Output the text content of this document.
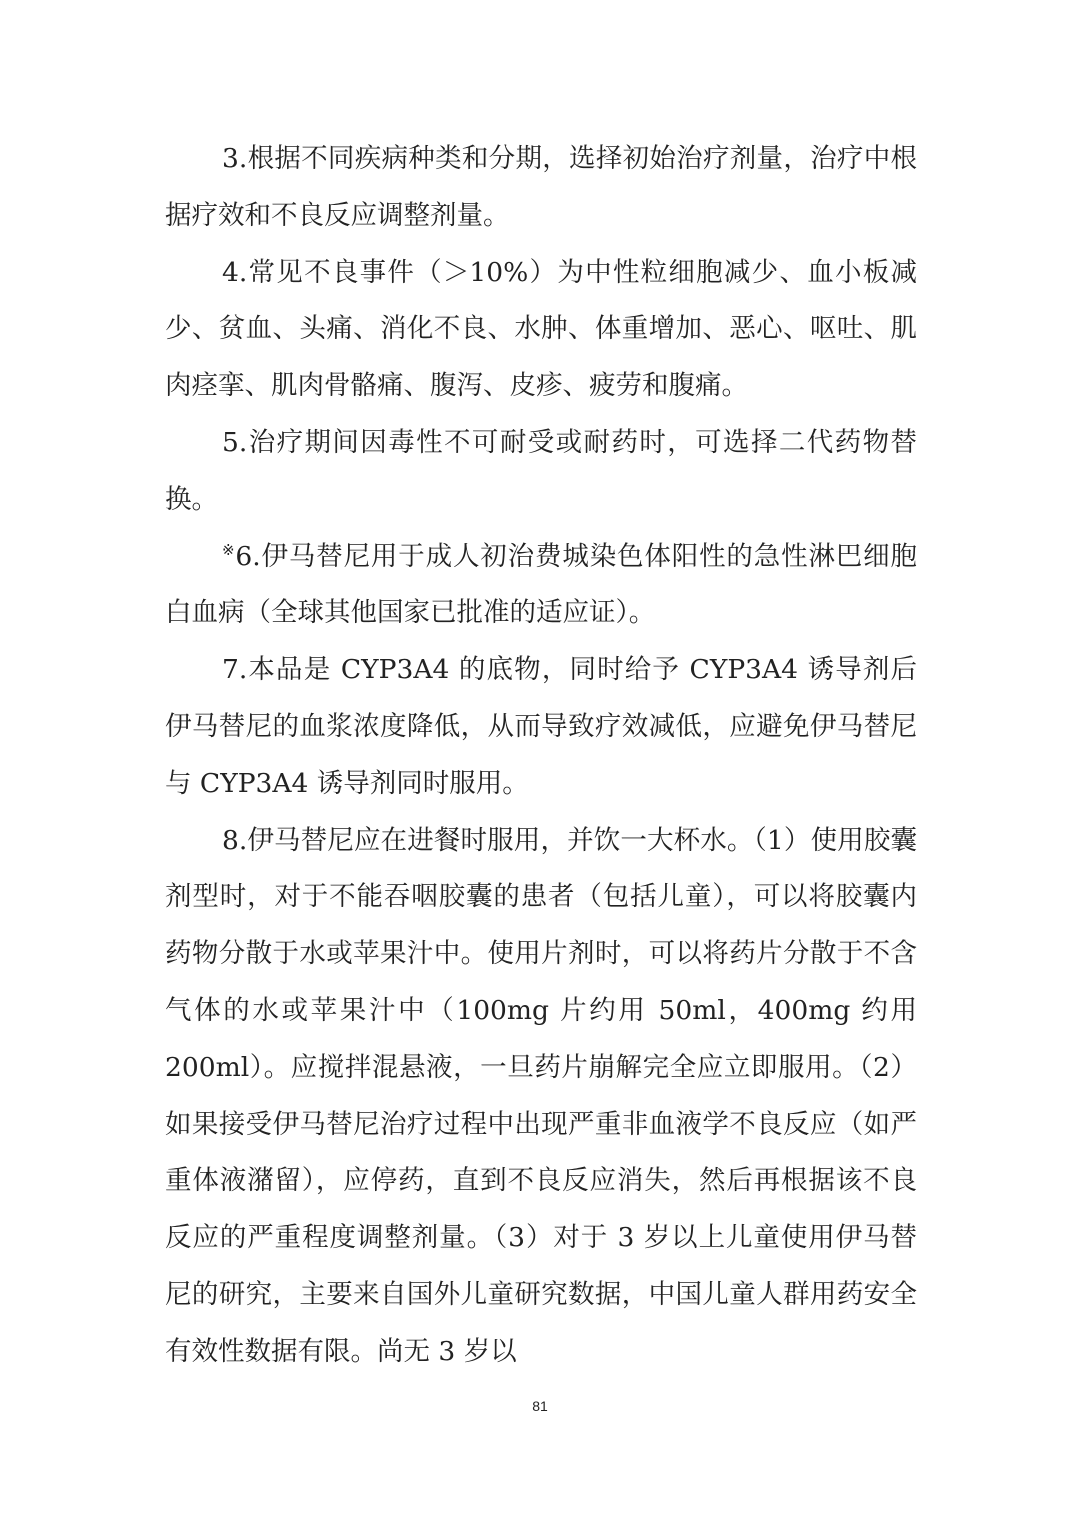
3.根据不同疾病种类和分期，选择初始治疗剂量，治疗中根据疗效和不良反应调整剂量。

4.常见不良事件（＞10%）为中性粒细胞减少、血小板减少、贫血、头痛、消化不良、水肿、体重增加、恶心、呕吐、肌肉痉挛、肌肉骨骼痛、腹泻、皮疹、疲劳和腹痛。

5.治疗期间因毒性不可耐受或耐药时，可选择二代药物替换。

※6.伊马替尼用于成人初治费城染色体阳性的急性淋巴细胞白血病（全球其他国家已批准的适应证）。

7.本品是 CYP3A4 的底物，同时给予 CYP3A4 诱导剂后伊马替尼的血浆浓度降低，从而导致疗效减低，应避免伊马替尼与 CYP3A4 诱导剂同时服用。

8.伊马替尼应在进餐时服用，并饮一大杯水。（1）使用胶囊剂型时，对于不能吞咽胶囊的患者（包括儿童），可以将胶囊内药物分散于水或苹果汁中。使用片剂时，可以将药片分散于不含气体的水或苹果汁中（100mg 片约用 50ml，400mg 约用 200ml）。应搅拌混悬液，一旦药片崩解完全应立即服用。（2）如果接受伊马替尼治疗过程中出现严重非血液学不良反应（如严重体液潴留），应停药，直到不良反应消失，然后再根据该不良反应的严重程度调整剂量。（3）对于 3 岁以上儿童使用伊马替尼的研究，主要来自国外儿童研究数据，中国儿童人群用药安全有效性数据有限。尚无 3 岁以

81
